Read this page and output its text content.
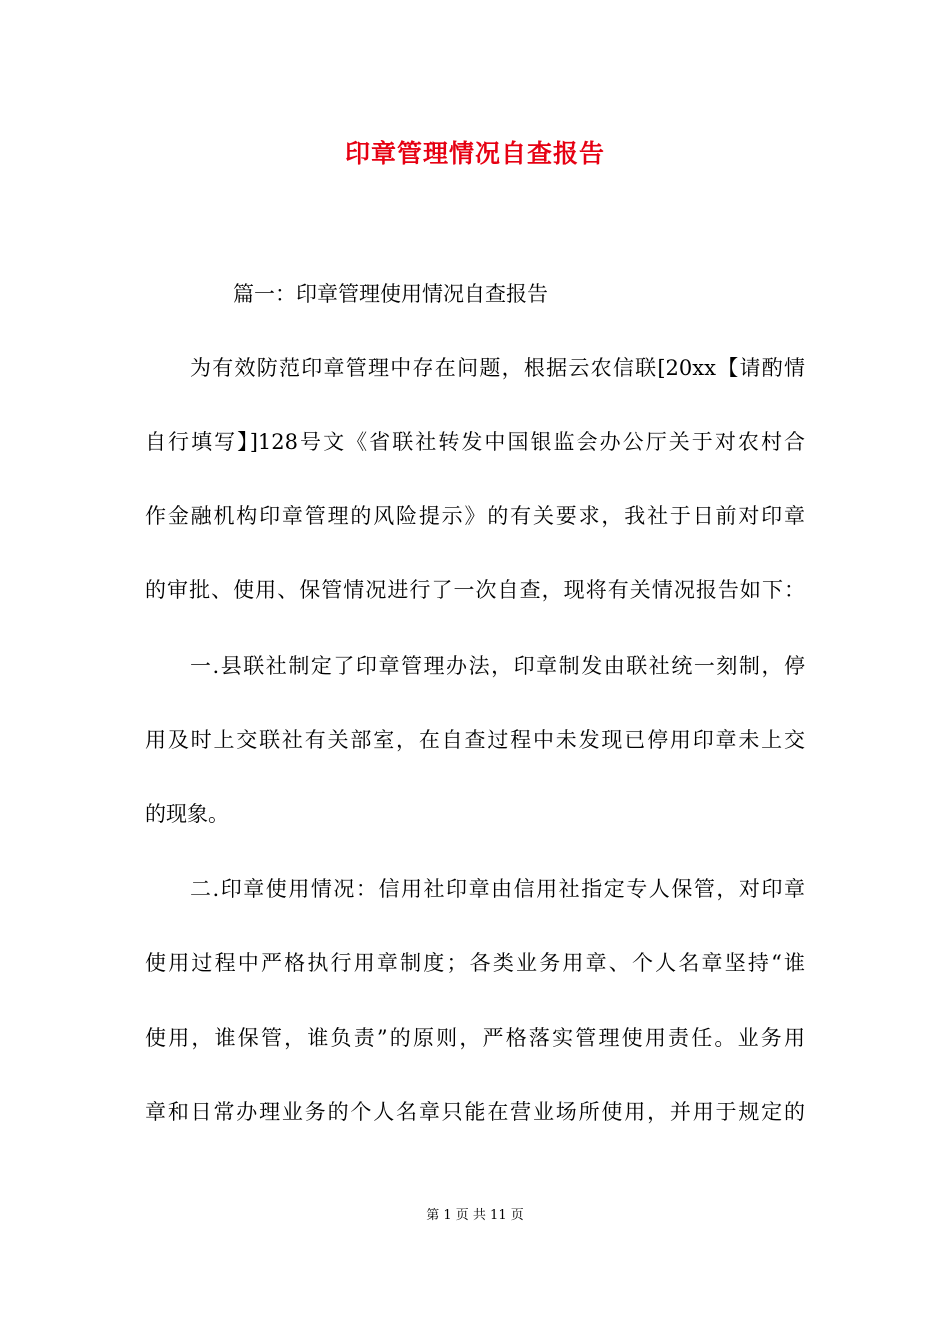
印章管理情况自查报告
篇一：印章管理使用情况自查报告
为有效防范印章管理中存在问题，根据云农信联[20xx【请酌情
自行填写】]128号文《省联社转发中国银监会办公厅关于对农村合
作金融机构印章管理的风险提示》的有关要求，我社于日前对印章
的审批、使用、保管情况进行了一次自查，现将有关情况报告如下：
一.县联社制定了印章管理办法，印章制发由联社统一刻制，停
用及时上交联社有关部室，在自查过程中未发现已停用印章未上交
的现象。
二.印章使用情况：信用社印章由信用社指定专人保管，对印章
使用过程中严格执行用章制度；各类业务用章、个人名章坚持“谁
使用，谁保管，谁负责”的原则，严格落实管理使用责任。业务用
章和日常办理业务的个人名章只能在营业场所使用，并用于规定的
第 1 页 共 11 页
